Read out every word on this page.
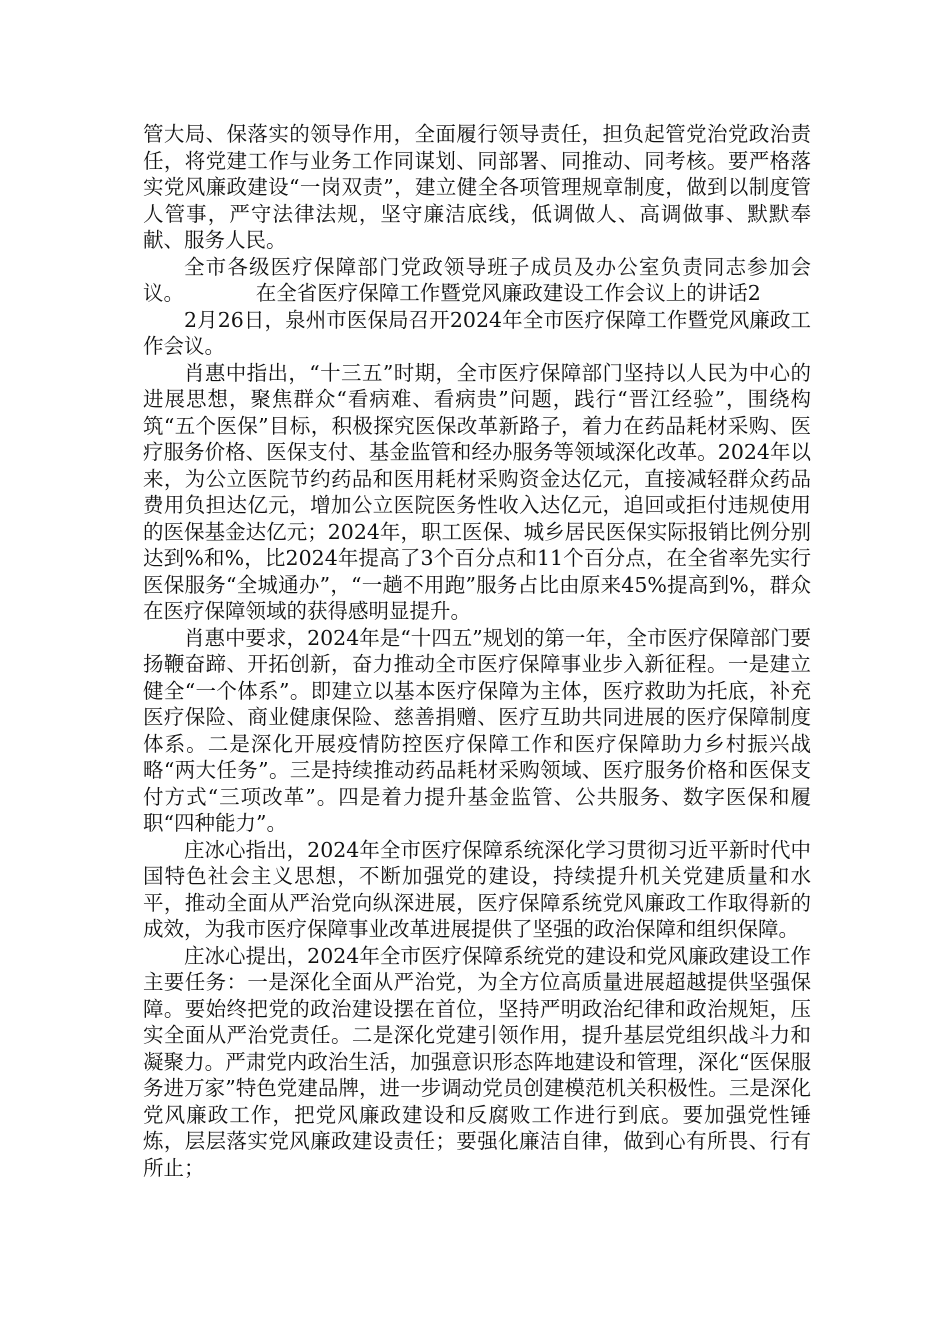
管大局、保落实的领导作用，全面履行领导责任，担负起管党治党政治责任，将党建工作与业务工作同谋划、同部署、同推动、同考核。要严格落实党风廉政建设“一岗双责”，建立健全各项管理规章制度，做到以制度管人管事，严守法律法规，坚守廉洁底线，低调做人、高调做事、默默奉献、服务人民。

全市各级医疗保障部门党政领导班子成员及办公室负责同志参加会议。	在全省医疗保障工作暨党风廉政建设工作会议上的讲话2

2月26日，泉州市医保局召开2024年全市医疗保障工作暨党风廉政工作会议。

肖惠中指出，“十三五”时期，全市医疗保障部门坚持以人民为中心的进展思想，聚焦群众“看病难、看病贵”问题，践行“晋江经验”，围绕构筑“五个医保”目标，积极探究医保改革新路子，着力在药品耗材采购、医疗服务价格、医保支付、基金监管和经办服务等领域深化改革。2024年以来，为公立医院节约药品和医用耗材采购资金达亿元，直接减轻群众药品费用负担达亿元，增加公立医院医务性收入达亿元，追回或拒付违规使用的医保基金达亿元；2024年，职工医保、城乡居民医保实际报销比例分别达到%和%，比2024年提高了3个百分点和11个百分点，在全省率先实行医保服务“全城通办”，“一趟不用跑”服务占比由原来45%提高到%，群众在医疗保障领域的获得感明显提升。

肖惠中要求，2024年是“十四五”规划的第一年，全市医疗保障部门要扬鞭奋蹄、开拓创新，奋力推动全市医疗保障事业步入新征程。一是建立健全“一个体系”。即建立以基本医疗保障为主体，医疗救助为托底，补充医疗保险、商业健康保险、慈善捐赠、医疗互助共同进展的医疗保障制度体系。二是深化开展疫情防控医疗保障工作和医疗保障助力乡村振兴战略“两大任务”。三是持续推动药品耗材采购领域、医疗服务价格和医保支付方式“三项改革”。四是着力提升基金监管、公共服务、数字医保和履职“四种能力”。

庄冰心指出，2024年全市医疗保障系统深化学习贯彻习近平新时代中国特色社会主义思想，不断加强党的建设，持续提升机关党建质量和水平，推动全面从严治党向纵深进展，医疗保障系统党风廉政工作取得新的成效，为我市医疗保障事业改革进展提供了坚强的政治保障和组织保障。

庄冰心提出，2024年全市医疗保障系统党的建设和党风廉政建设工作主要任务：一是深化全面从严治党，为全方位高质量进展超越提供坚强保障。要始终把党的政治建设摆在首位，坚持严明政治纪律和政治规矩，压实全面从严治党责任。二是深化党建引领作用，提升基层党组织战斗力和凝聚力。严肃党内政治生活，加强意识形态阵地建设和管理，深化“医保服务进万家”特色党建品牌，进一步调动党员创建模范机关积极性。三是深化党风廉政工作，把党风廉政建设和反腐败工作进行到底。要加强党性锤炼，层层落实党风廉政建设责任；要强化廉洁自律，做到心有所畏、行有所止；
